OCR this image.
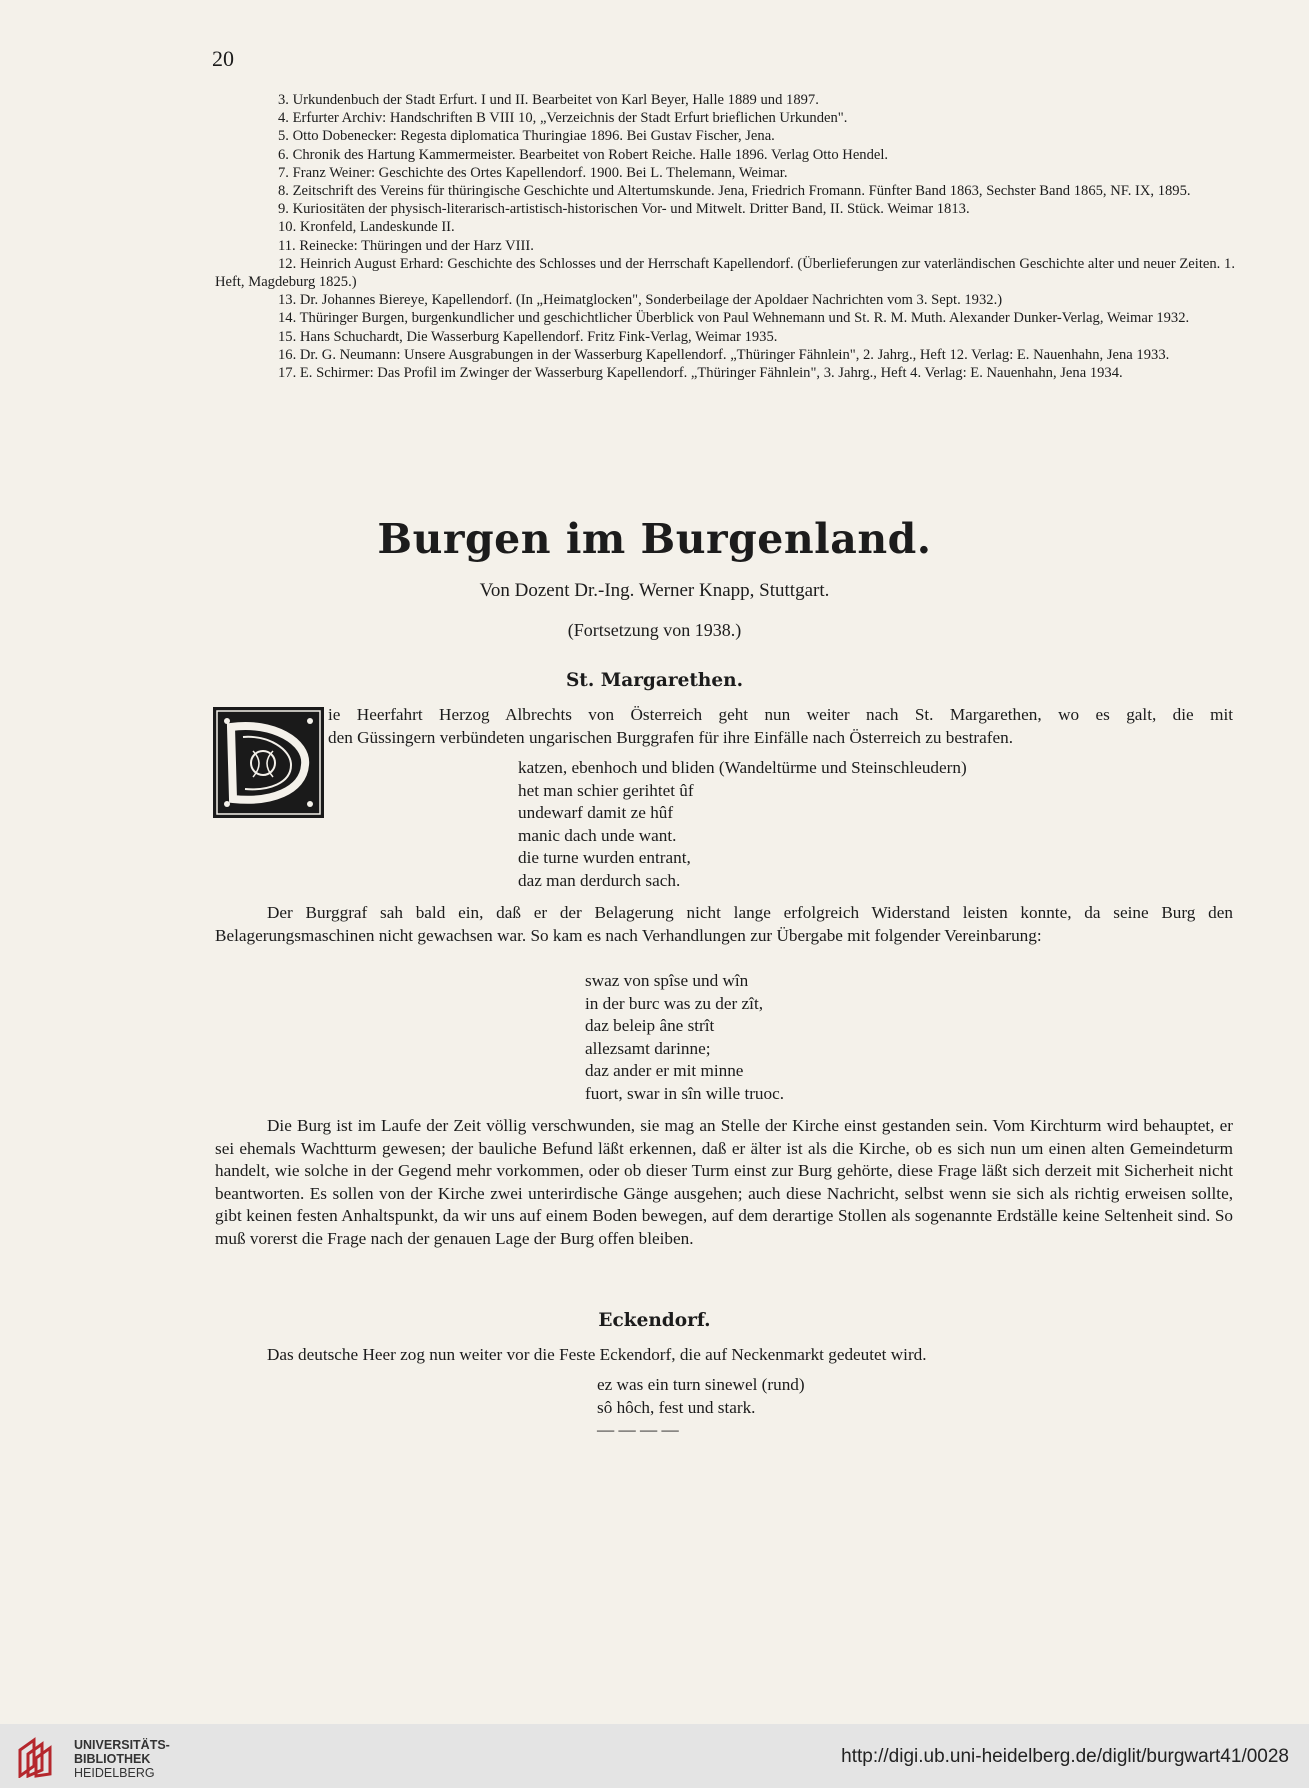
20

3. Urkundenbuch der Stadt Erfurt. I und II. Bearbeitet von Karl Beyer, Halle 1889 und 1897.

4. Erfurter Archiv: Handschriften B VIII 10, „Verzeichnis der Stadt Erfurt brieflichen Urkunden".

5. Otto Dobenecker: Regesta diplomatica Thuringiae 1896. Bei Gustav Fischer, Jena.

6. Chronik des Hartung Kammermeister. Bearbeitet von Robert Reiche. Halle 1896. Verlag Otto Hendel.

7. Franz Weiner: Geschichte des Ortes Kapellendorf. 1900. Bei L. Thelemann, Weimar.

8. Zeitschrift des Vereins für thüringische Geschichte und Altertumskunde. Jena, Friedrich Fromann. Fünfter Band 1863, Sechster Band 1865, NF. IX, 1895.

9. Kuriositäten der physisch-literarisch-artistisch-historischen Vor- und Mitwelt. Dritter Band, II. Stück. Weimar 1813.

10. Kronfeld, Landeskunde II.

11. Reinecke: Thüringen und der Harz VIII.

12. Heinrich August Erhard: Geschichte des Schlosses und der Herrschaft Kapellendorf. (Überlieferungen zur vaterländischen Geschichte alter und neuer Zeiten. 1. Heft, Magdeburg 1825.)

13. Dr. Johannes Biereye, Kapellendorf. (In „Heimatglocken", Sonderbeilage der Apoldaer Nachrichten vom 3. Sept. 1932.)

14. Thüringer Burgen, burgenkundlicher und geschichtlicher Überblick von Paul Wehnemann und St. R. M. Muth. Alexander Dunker-Verlag, Weimar 1932.

15. Hans Schuchardt, Die Wasserburg Kapellendorf. Fritz Fink-Verlag, Weimar 1935.

16. Dr. G. Neumann: Unsere Ausgrabungen in der Wasserburg Kapellendorf. „Thüringer Fähnlein", 2. Jahrg., Heft 12. Verlag: E. Nauenhahn, Jena 1933.

17. E. Schirmer: Das Profil im Zwinger der Wasserburg Kapellendorf. „Thüringer Fähnlein", 3. Jahrg., Heft 4. Verlag: E. Nauenhahn, Jena 1934.

Burgen im Burgenland.
Von Dozent Dr.-Ing. Werner Knapp, Stuttgart.
(Fortsetzung von 1938.)
St. Margarethen.
ie Heerfahrt Herzog Albrechts von Österreich geht nun weiter nach St. Margarethen, wo es galt, die mit
den Güssingern verbündeten ungarischen Burggrafen für ihre Einfälle nach Österreich zu bestrafen.
katzen, ebenhoch und bliden (Wandeltürme und Steinschleudern)
het man schier gerihtet ûf
undewarf damit ze hûf
manic dach unde want.
die turne wurden entrant,
daz man derdurch sach.

Der Burggraf sah bald ein, daß er der Belagerung nicht lange erfolgreich Widerstand leisten konnte, da seine Burg den Belagerungsmaschinen nicht gewachsen war. So kam es nach Verhandlungen zur Übergabe mit folgender Vereinbarung:

swaz von spîse und wîn
in der burc was zu der zît,
daz beleip âne strît
allezsamt darinne;
daz ander er mit minne
fuort, swar in sîn wille truoc.

Die Burg ist im Laufe der Zeit völlig verschwunden, sie mag an Stelle der Kirche einst gestanden sein. Vom Kirchturm wird behauptet, er sei ehemals Wachtturm gewesen; der bauliche Befund läßt erkennen, daß er älter ist als die Kirche, ob es sich nun um einen alten Gemeindeturm handelt, wie solche in der Gegend mehr vorkommen, oder ob dieser Turm einst zur Burg gehörte, diese Frage läßt sich derzeit mit Sicherheit nicht beantworten. Es sollen von der Kirche zwei unterirdische Gänge ausgehen; auch diese Nachricht, selbst wenn sie sich als richtig erweisen sollte, gibt keinen festen Anhaltspunkt, da wir uns auf einem Boden bewegen, auf dem derartige Stollen als sogenannte Erdställe keine Seltenheit sind. So muß vorerst die Frage nach der genauen Lage der Burg offen bleiben.

Eckendorf.

Das deutsche Heer zog nun weiter vor die Feste Eckendorf, die auf Neckenmarkt gedeutet wird.

ez was ein turn sinewel (rund)
sô hôch, fest und stark.
— — — —
UNIVERSITÄTS-
BIBLIOTHEK
HEIDELBERG
http://digi.ub.uni-heidelberg.de/diglit/burgwart41/0028
